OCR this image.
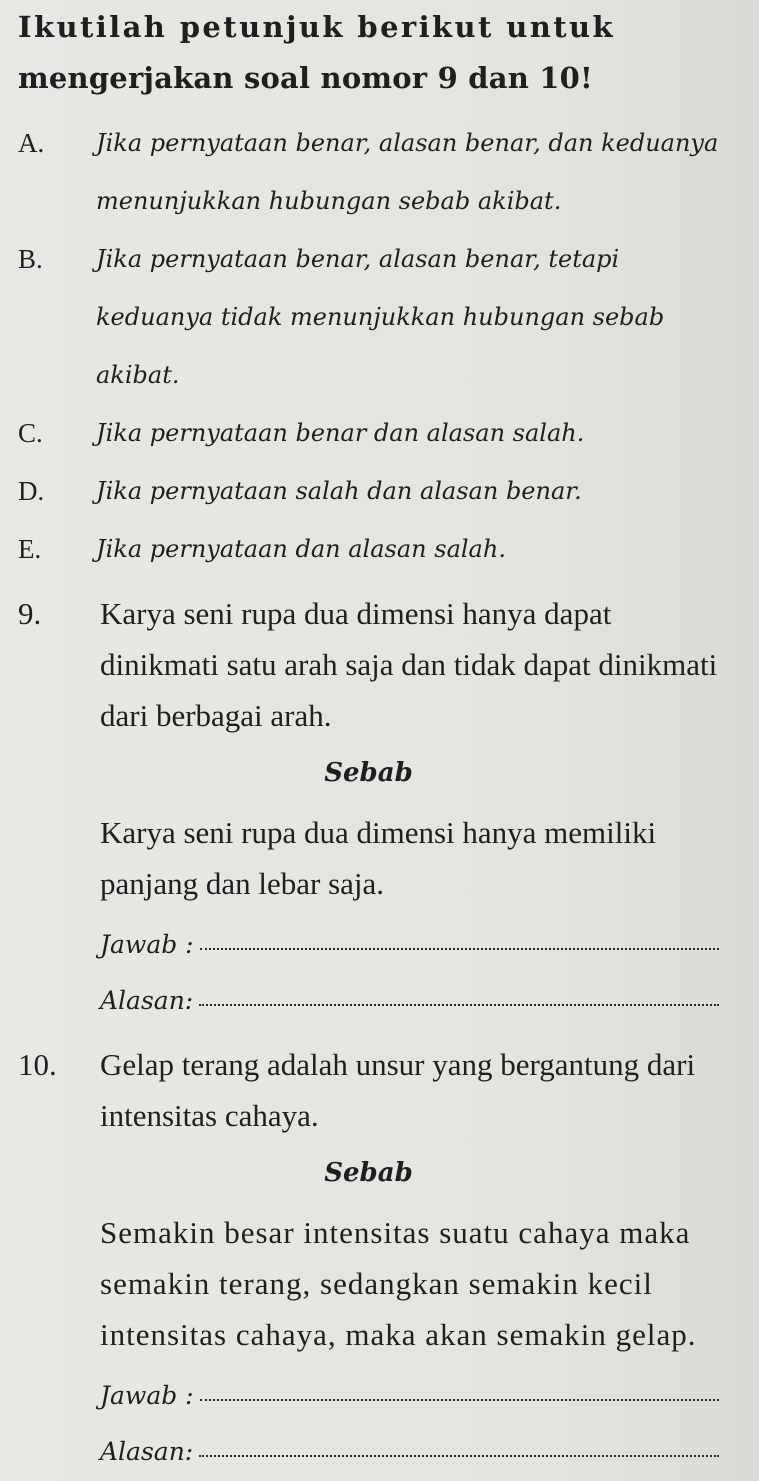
Ikutilah petunjuk berikut untuk
mengerjakan soal nomor 9 dan 10!
A.	Jika pernyataan benar, alasan benar, dan keduanya menunjukkan hubungan sebab akibat.
B.	Jika pernyataan benar, alasan benar, tetapi keduanya tidak menunjukkan hubungan sebab akibat.
C.	Jika pernyataan benar dan alasan salah.
D.	Jika pernyataan salah dan alasan benar.
E.	Jika pernyataan dan alasan salah.
9.	Karya seni rupa dua dimensi hanya dapat dinikmati satu arah saja dan tidak dapat dinikmati dari berbagai arah.
Sebab
Karya seni rupa dua dimensi hanya memiliki panjang dan lebar saja.
Jawab :
Alasan:
10.	Gelap terang adalah unsur yang bergantung dari intensitas cahaya.
Sebab
Semakin besar intensitas suatu cahaya maka semakin terang, sedangkan semakin kecil intensitas cahaya, maka akan semakin gelap.
Jawab :
Alasan:
